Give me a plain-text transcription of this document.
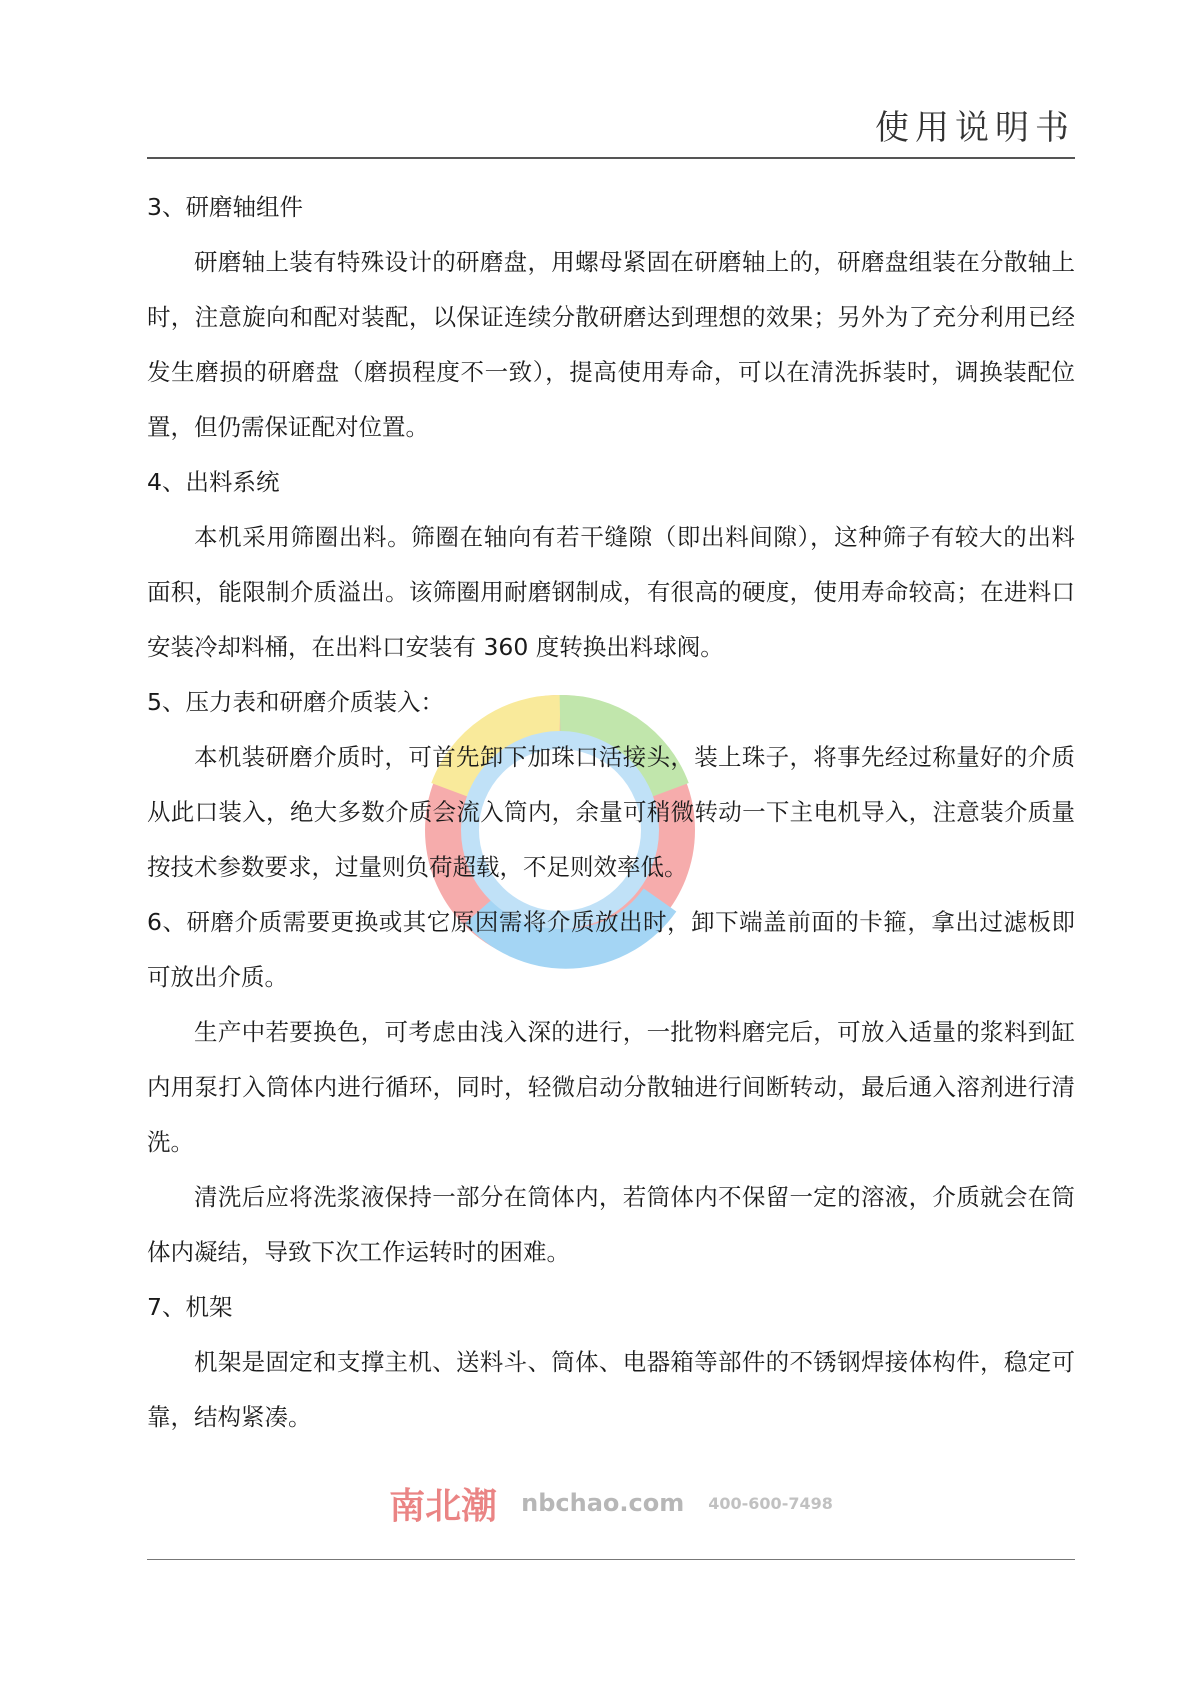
使用说明书

3、研磨轴组件

研磨轴上装有特殊设计的研磨盘，用螺母紧固在研磨轴上的，研磨盘组装在分散轴上时，注意旋向和配对装配，以保证连续分散研磨达到理想的效果；另外为了充分利用已经发生磨损的研磨盘（磨损程度不一致），提高使用寿命，可以在清洗拆装时，调换装配位置，但仍需保证配对位置。

4、出料系统

本机采用筛圈出料。筛圈在轴向有若干缝隙（即出料间隙），这种筛子有较大的出料面积，能限制介质溢出。该筛圈用耐磨钢制成，有很高的硬度，使用寿命较高；在进料口安装冷却料桶，在出料口安装有 360 度转换出料球阀。

5、压力表和研磨介质装入：

本机装研磨介质时，可首先卸下加珠口活接头，装上珠子，将事先经过称量好的介质从此口装入，绝大多数介质会流入筒内，余量可稍微转动一下主电机导入，注意装介质量按技术参数要求，过量则负荷超载，不足则效率低。

6、研磨介质需要更换或其它原因需将介质放出时，卸下端盖前面的卡箍，拿出过滤板即可放出介质。

生产中若要换色，可考虑由浅入深的进行，一批物料磨完后，可放入适量的浆料到缸内用泵打入筒体内进行循环，同时，轻微启动分散轴进行间断转动，最后通入溶剂进行清洗。

清洗后应将洗浆液保持一部分在筒体内，若筒体内不保留一定的溶液，介质就会在筒体内凝结，导致下次工作运转时的困难。

7、机架

机架是固定和支撑主机、送料斗、筒体、电器箱等部件的不锈钢焊接体构件，稳定可靠，结构紧凑。

南北潮 nbchao.com 400-600-7498
